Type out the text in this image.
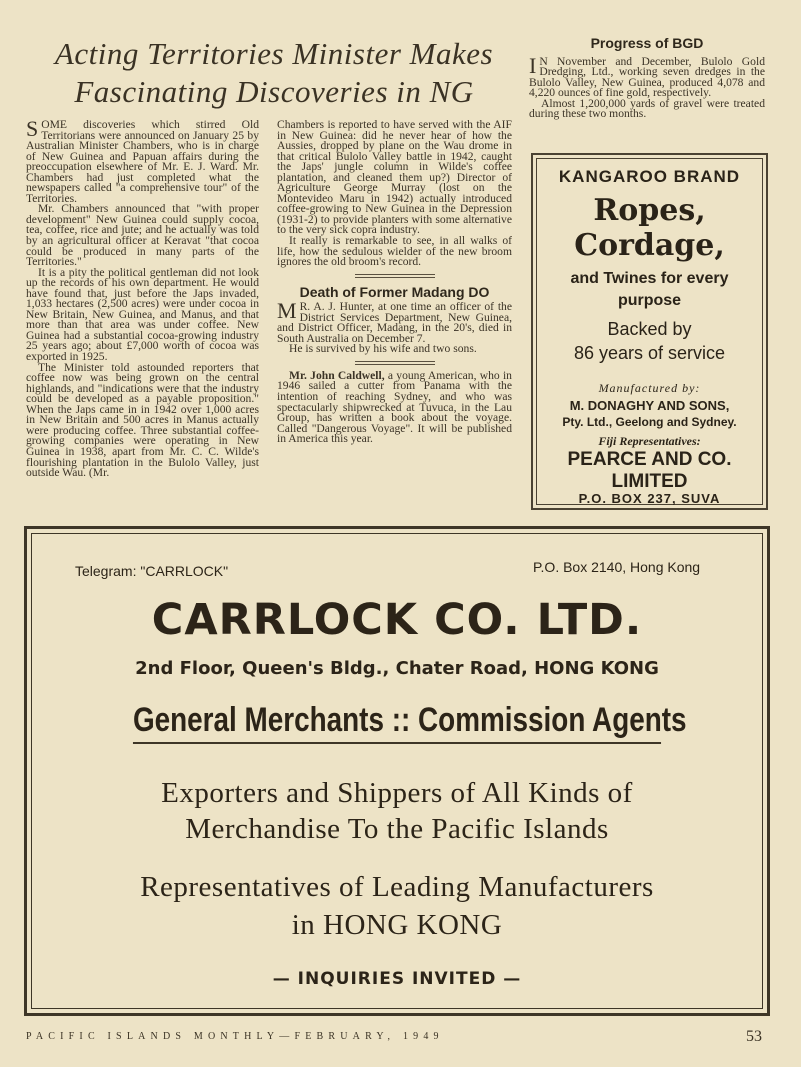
Acting Territories Minister Makes
Fascinating Discoveries in NG

SOME discoveries which stirred Old Territorians were announced on January 25 by Australian Minister Chambers, who is in charge of New Guinea and Papuan affairs during the preoccupation elsewhere of Mr. E. J. Ward. Mr. Chambers had just completed what the newspapers called "a comprehensive tour" of the Territories.

Mr. Chambers announced that "with proper development" New Guinea could supply cocoa, tea, coffee, rice and jute; and he actually was told by an agricultural officer at Keravat "that cocoa could be produced in many parts of the Territories."

It is a pity the political gentleman did not look up the records of his own department. He would have found that, just before the Japs invaded, 1,033 hectares (2,500 acres) were under cocoa in New Britain, New Guinea, and Manus, and that more than that area was under coffee. New Guinea had a substantial cocoa-growing industry 25 years ago; about £7,000 worth of cocoa was exported in 1925.

The Minister told astounded reporters that coffee now was being grown on the central highlands, and "indications were that the industry could be developed as a payable proposition." When the Japs came in in 1942 over 1,000 acres in New Britain and 500 acres in Manus actually were producing coffee. Three substantial coffee-growing companies were operating in New Guinea in 1938, apart from Mr. C. C. Wilde's flourishing plantation in the Bulolo Valley, just outside Wau. (Mr.

Chambers is reported to have served with the AIF in New Guinea: did he never hear of how the Aussies, dropped by plane on the Wau drome in that critical Bulolo Valley battle in 1942, caught the Japs' jungle column in Wilde's coffee plantation, and cleaned them up?) Director of Agriculture George Murray (lost on the Montevideo Maru in 1942) actually introduced coffee-growing to New Guinea in the Depression (1931-2) to provide planters with some alternative to the very sick copra industry.

It really is remarkable to see, in all walks of life, how the sedulous wielder of the new broom ignores the old broom's record.

Death of Former Madang DO

M R. A. J. Hunter, at one time an officer of the District Services Department, New Guinea, and District Officer, Madang, in the 20's, died in South Australia on December 7.

He is survived by his wife and two sons.

Mr. John Caldwell, a young American, who in 1946 sailed a cutter from Panama with the intention of reaching Sydney, and who was spectacularly shipwrecked at Tuvuca, in the Lau Group, has written a book about the voyage. Called "Dangerous Voyage". It will be published in America this year.

Progress of BGD

I N November and December, Bulolo Gold Dredging, Ltd., working seven dredges in the Bulolo Valley, New Guinea, produced 4,078 and 4,220 ounces of fine gold, respectively.

Almost 1,200,000 yards of gravel were treated during these two months.

KANGAROO BRAND
Ropes,
Cordage,
and Twines for every
purpose
Backed by
86 years of service
Manufactured by:
M. DONAGHY AND SONS,
Pty. Ltd., Geelong and Sydney.
Fiji Representatives:
PEARCE AND CO.
LIMITED
P.O. BOX 237, SUVA
Telegram: "CARRLOCK"	P.O. Box 2140, Hong Kong
CARRLOCK CO. LTD.
2nd Floor, Queen's Bldg., Chater Road, HONG KONG
General Merchants :: Commission Agents
Exporters and Shippers of All Kinds of
Merchandise To the Pacific Islands
Representatives of Leading Manufacturers
in HONG KONG
— INQUIRIES INVITED —
PACIFIC ISLANDS MONTHLY—FEBRUARY, 1949	53
